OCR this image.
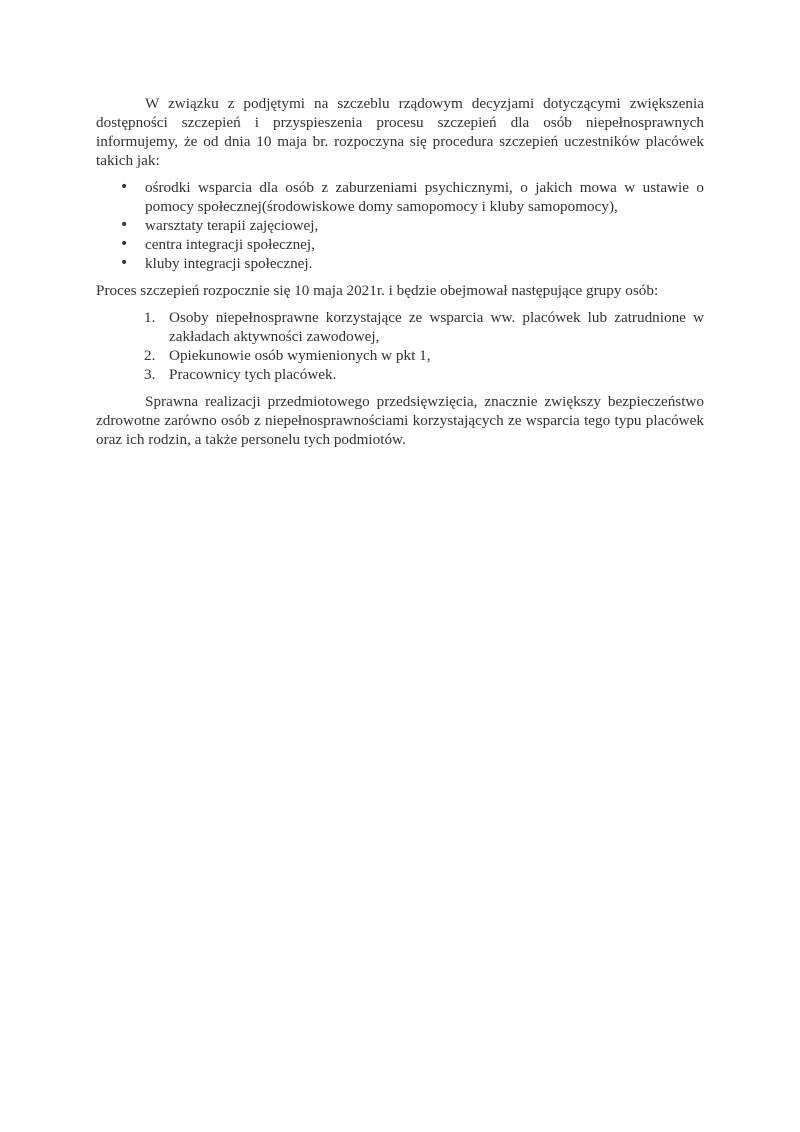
W związku z podjętymi na szczeblu rządowym decyzjami dotyczącymi zwiększenia dostępności szczepień i przyspieszenia procesu szczepień dla osób niepełnosprawnych informujemy, że od dnia 10 maja br. rozpoczyna się procedura szczepień uczestników placówek takich jak:

• ośrodki wsparcia dla osób z zaburzeniami psychicznymi, o jakich mowa w ustawie o pomocy społecznej(środowiskowe domy samopomocy i kluby samopomocy),
• warsztaty terapii zajęciowej,
• centra integracji społecznej,
• kluby integracji społecznej.

Proces szczepień rozpocznie się 10 maja 2021r. i będzie obejmował następujące grupy osób:

1. Osoby niepełnosprawne korzystające ze wsparcia ww. placówek lub zatrudnione w zakładach aktywności zawodowej,
2. Opiekunowie osób wymienionych w pkt 1,
3. Pracownicy tych placówek.

Sprawna realizacji przedmiotowego przedsięwzięcia, znacznie zwiększy bezpieczeństwo zdrowotne zarówno osób z niepełnosprawnościami korzystających ze wsparcia tego typu placówek oraz ich rodzin, a także personelu tych podmiotów.
